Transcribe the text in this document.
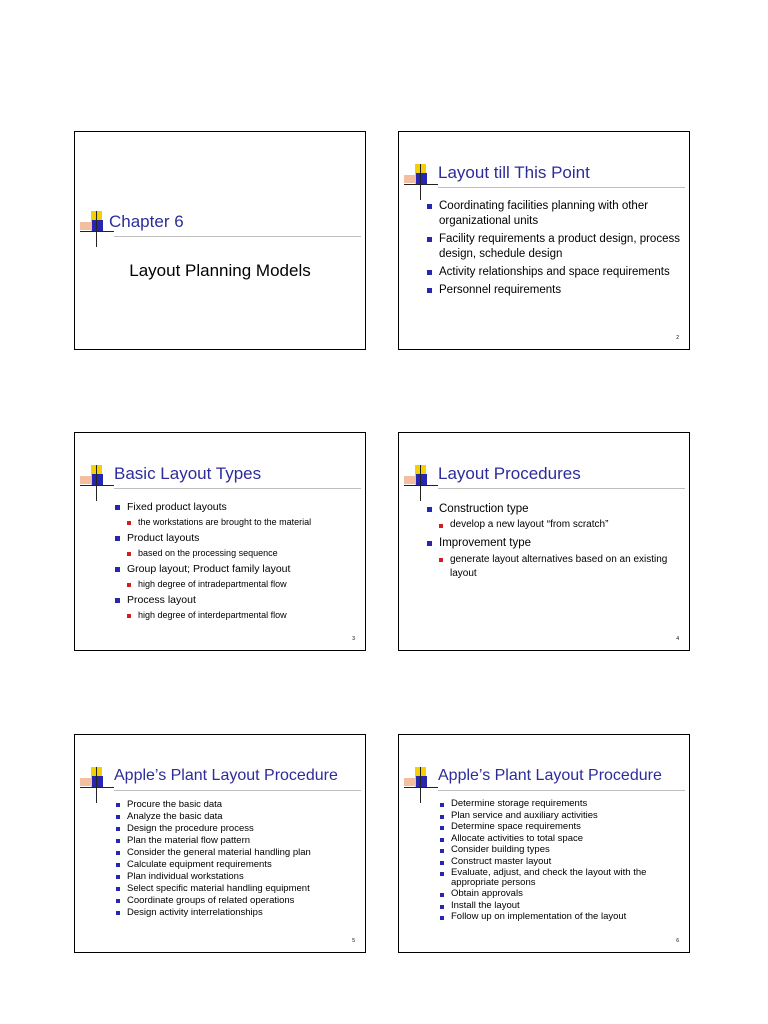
Chapter 6
Layout Planning Models
Layout till This Point
Coordinating facilities planning with other organizational units
Facility requirements a product design, process design, schedule design
Activity relationships and space requirements
Personnel requirements
2
Basic Layout Types
Fixed product layouts
the workstations are brought to the material
Product layouts
based on the processing sequence
Group layout; Product family layout
high degree of intradepartmental flow
Process layout
high degree of interdepartmental flow
3
Layout Procedures
Construction type
develop a new layout “from scratch”
Improvement type
generate layout alternatives based on an existing layout
4
Apple’s Plant Layout Procedure
Procure the basic data
Analyze the basic data
Design the procedure process
Plan the material flow pattern
Consider the general material handling plan
Calculate equipment requirements
Plan individual workstations
Select specific material handling equipment
Coordinate groups of related operations
Design activity interrelationships
5
Apple’s Plant Layout Procedure
Determine storage requirements
Plan service and auxiliary activities
Determine space requirements
Allocate activities to total space
Consider building types
Construct master layout
Evaluate, adjust, and check the layout with the appropriate persons
Obtain approvals
Install the layout
Follow up on implementation of the layout
6
